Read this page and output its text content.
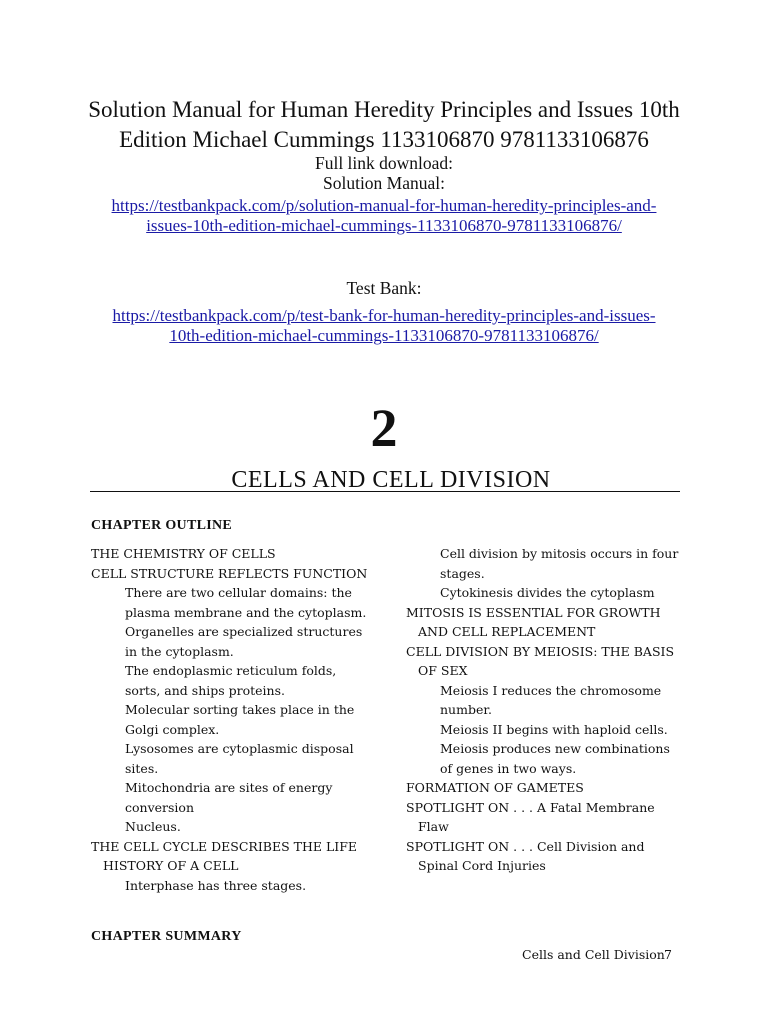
Solution Manual for Human Heredity Principles and Issues 10th
Edition Michael Cummings 1133106870 9781133106876
Full link download:
Solution Manual:
https://testbankpack.com/p/solution-manual-for-human-heredity-principles-and-
issues-10th-edition-michael-cummings-1133106870-9781133106876/
Test Bank:
https://testbankpack.com/p/test-bank-for-human-heredity-principles-and-issues-
10th-edition-michael-cummings-1133106870-9781133106876/
2
CELLS AND CELL DIVISION
CHAPTER OUTLINE
THE CHEMISTRY OF CELLS
CELL STRUCTURE REFLECTS FUNCTION
There are two cellular domains: the
plasma membrane and the cytoplasm.
Organelles are specialized structures
in the cytoplasm.
The endoplasmic reticulum folds,
sorts, and ships proteins.
Molecular sorting takes place in the
Golgi complex.
Lysosomes are cytoplasmic disposal
sites.
Mitochondria are sites of energy
conversion
Nucleus.
THE CELL CYCLE DESCRIBES THE LIFE
HISTORY OF A CELL
Interphase has three stages.
Cell division by mitosis occurs in four
stages.
Cytokinesis divides the cytoplasm
MITOSIS IS ESSENTIAL FOR GROWTH
AND CELL REPLACEMENT
CELL DIVISION BY MEIOSIS: THE BASIS
OF SEX
Meiosis I reduces the chromosome
number.
Meiosis II begins with haploid cells.
Meiosis produces new combinations
of genes in two ways.
FORMATION OF GAMETES
SPOTLIGHT ON . . . A Fatal Membrane
Flaw
SPOTLIGHT ON . . . Cell Division and
Spinal Cord Injuries
CHAPTER SUMMARY
Cells and Cell Division 7
